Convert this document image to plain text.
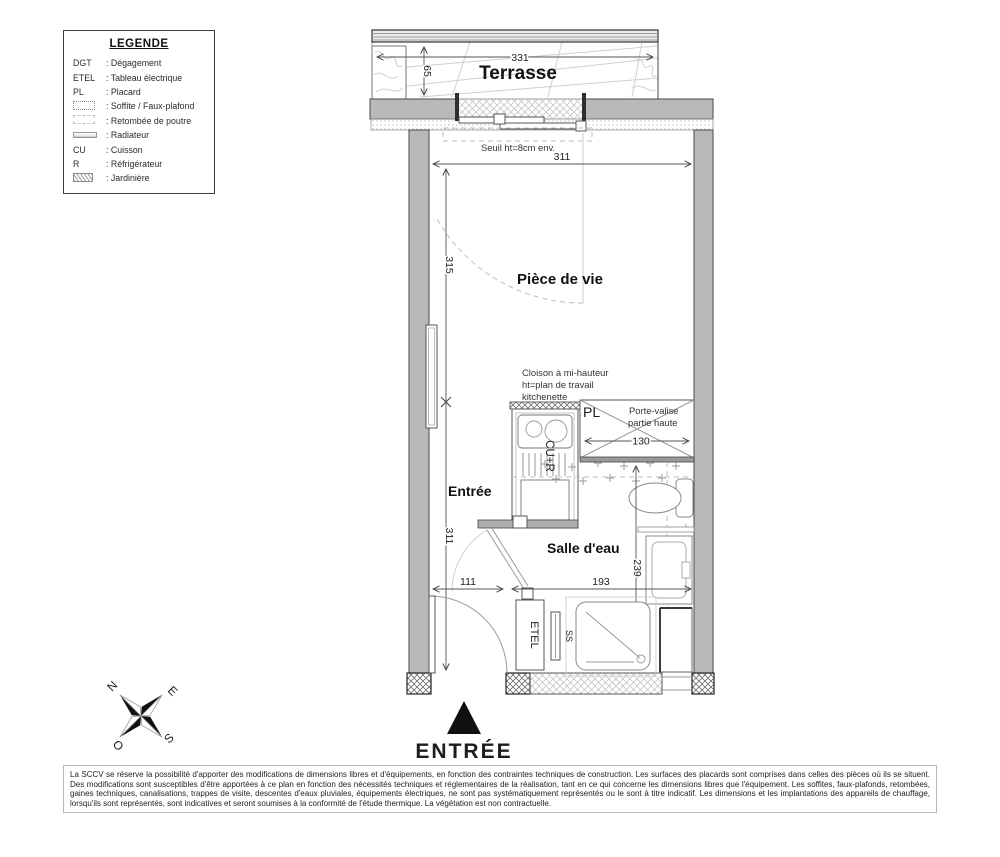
LEGENDE
DGT	: Dégagement
ETEL	: Tableau électrique
PL	: Placard
: Soffite / Faux-plafond
: Retombée de poutre
: Radiateur
CU	: Cuisson
R	: Réfrigérateur
: Jardinière
331
65 Terrasse
Seuil ht=8cm env.
311
315
311
Pièce de vie
Entrée
Cloison à mi-hauteur
ht=plan de travail
kitchenette
CU+R
PL	Porte-valise
partie haute
130
Salle d'eau
239
SS
ETEL
111	193
N	E
S
O	ENTRÉE
La SCCV se réserve la possibilité d'apporter des modifications de dimensions libres et d'équipements, en fonction des contraintes techniques de construction. Les surfaces des placards sont comprises dans celles des pièces où ils se situent. Des modifications sont susceptibles d'être apportées à ce plan en fonction des nécessités techniques et réglementaires de la réalisation, tant en ce qui concerne les dimensions libres que l'équipement. Les soffites, faux-plafonds, retombées, gaines techniques, canalisations, trappes de visite, descentes d'eaux pluviales, équipements électriques, ne sont pas systématiquement représentés ou le sont à titre indicatif. Les dimensions et les implantations des appareils de chauffage, lorsqu'ils sont représentés, sont indicatives et seront soumises à la conformité de l'étude thermique. La végétation est non contractuelle.
